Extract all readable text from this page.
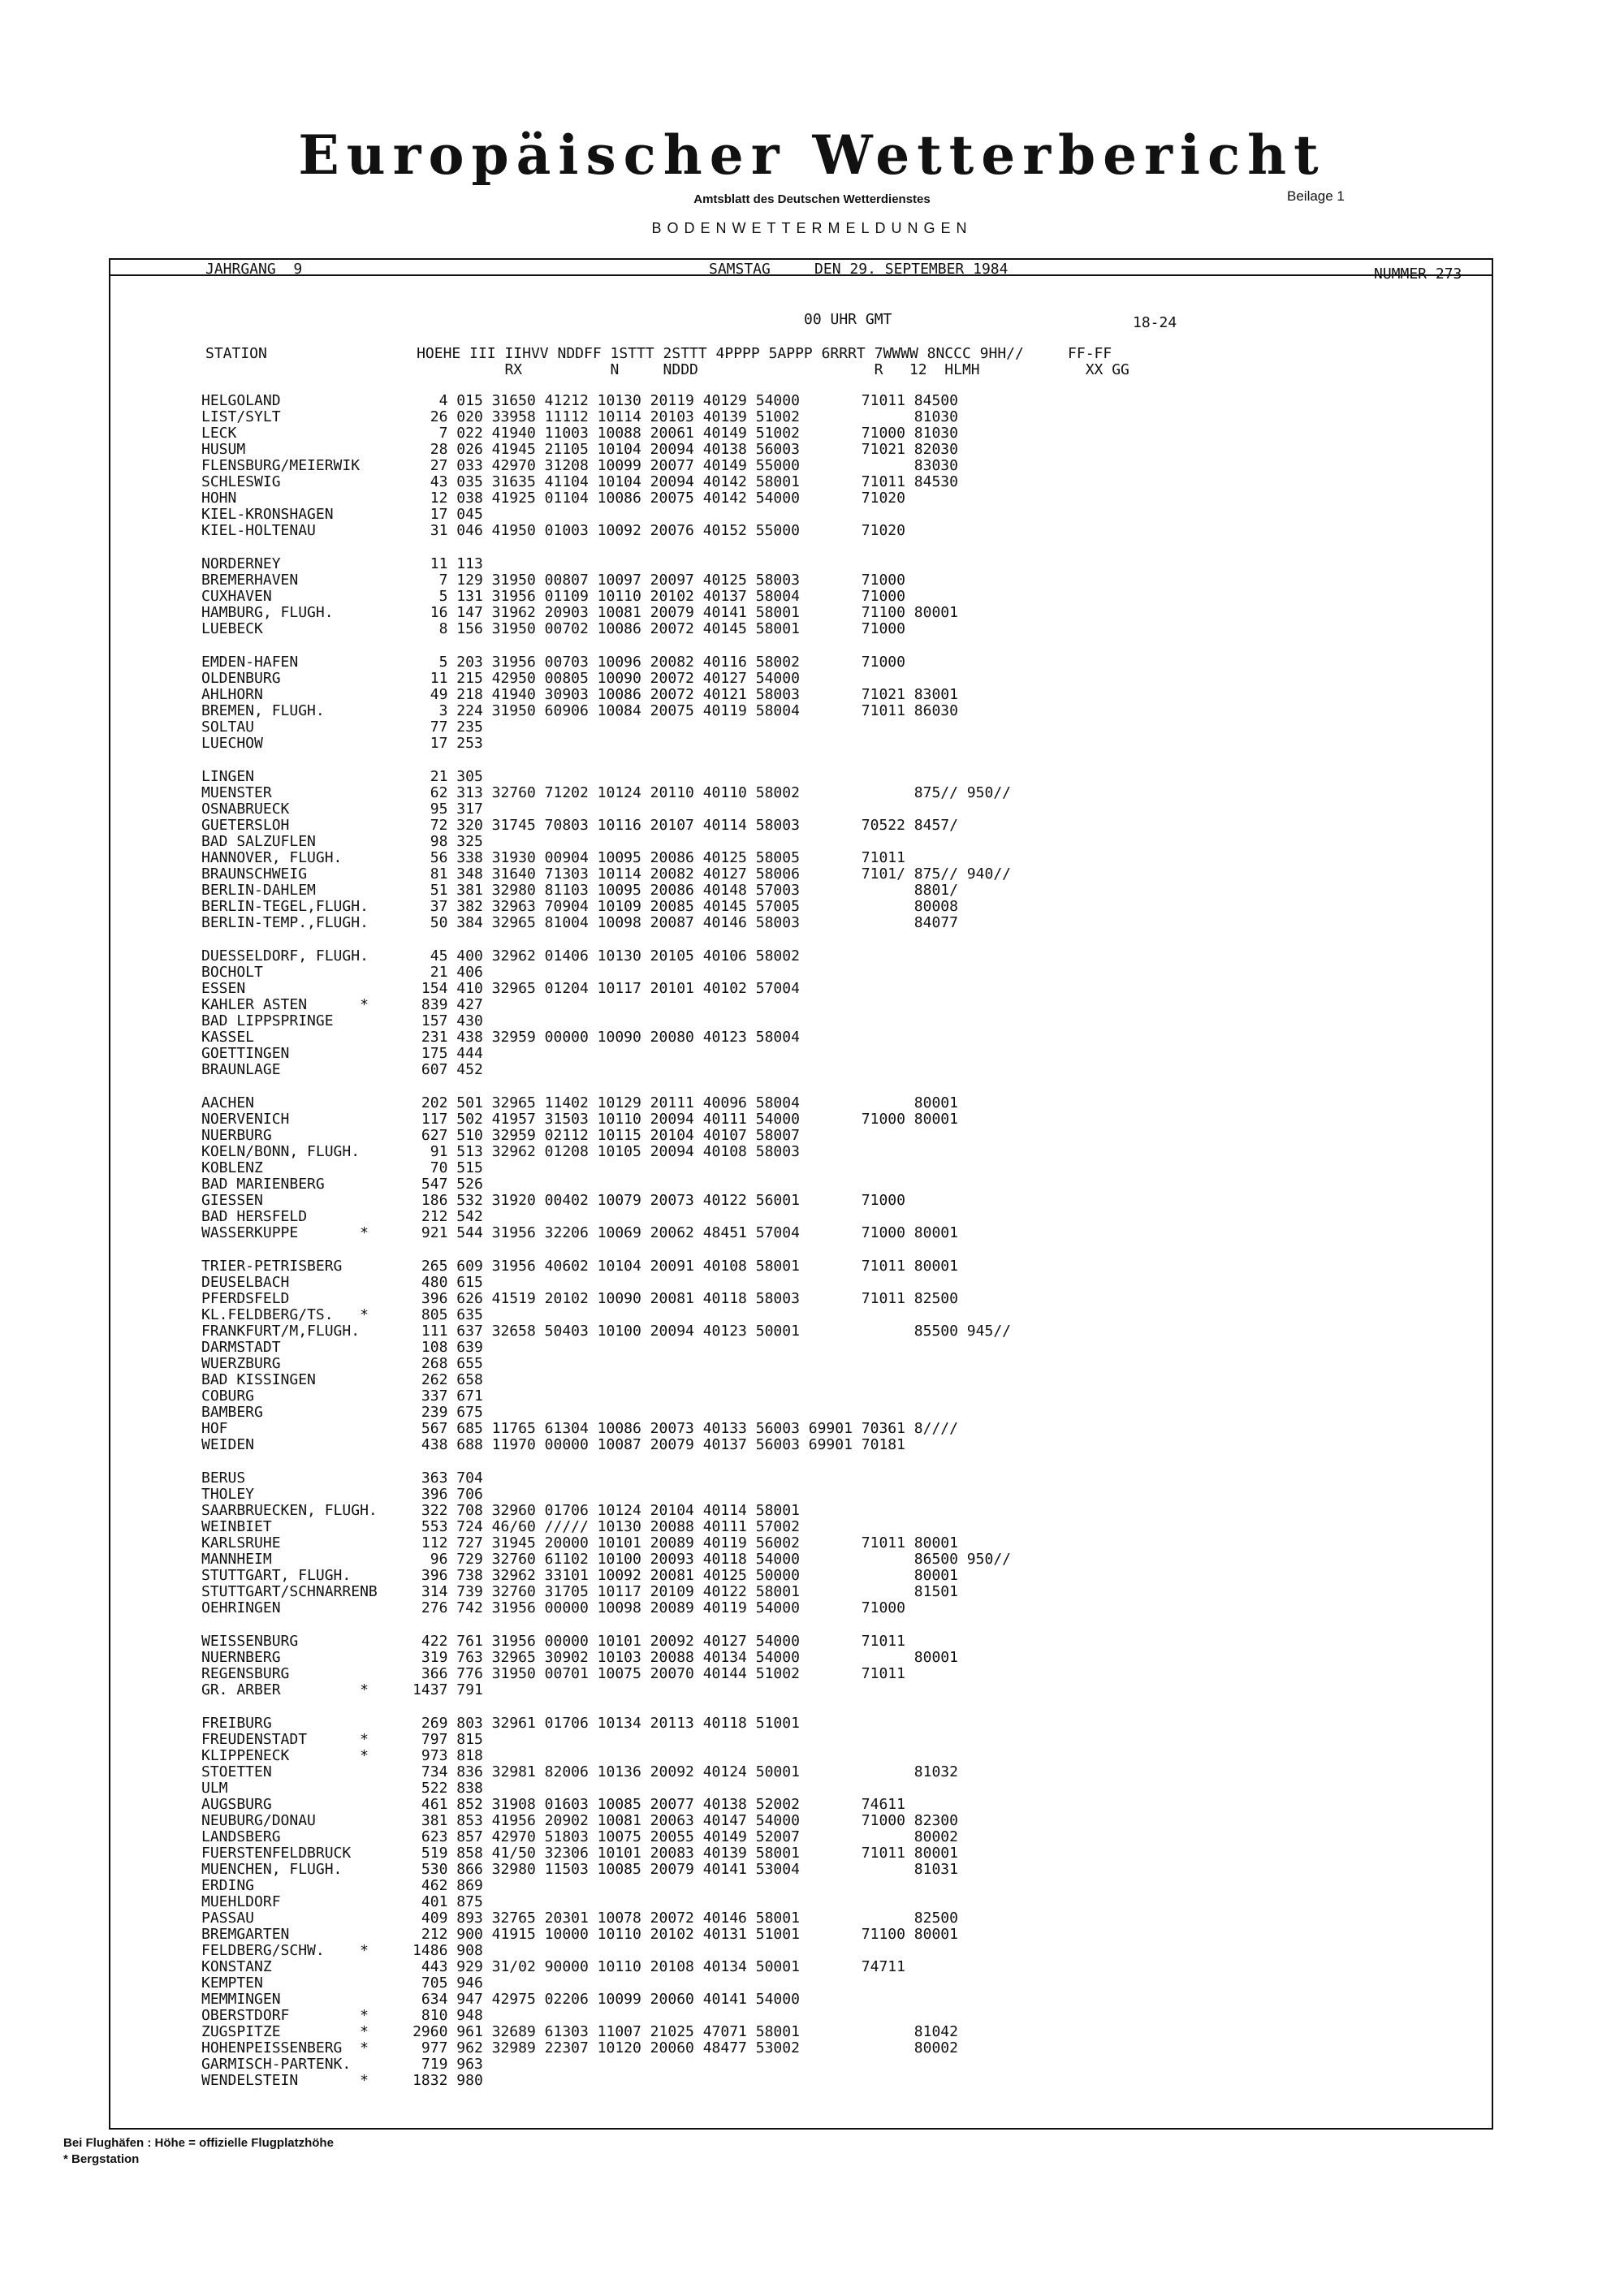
Europäischer Wetterbericht
Amtsblatt des Deutschen Wetterdienstes	Beilage 1
BODENWETTERMELDUNGEN
JAHRGANG  9	SAMSTAG     DEN 29. SEPTEMBER 1984	NUMMER 273
00 UHR GMT	18-24
STATION                 HOEHE III IIHVV NDDFF 1STTT 2STTT 4PPPP 5APPP 6RRRT 7WWWW 8NCCC 9HH//     FF-FF
RX          N     NDDD                    R   12  HLMH            XX GG
HELGOLAND                  4 015 31650 41212 10130 20119 40129 54000       71011 84500
LIST/SYLT                 26 020 33958 11112 10114 20103 40139 51002             81030
LECK                       7 022 41940 11003 10088 20061 40149 51002       71000 81030
HUSUM                     28 026 41945 21105 10104 20094 40138 56003       71021 82030
FLENSBURG/MEIERWIK        27 033 42970 31208 10099 20077 40149 55000             83030
SCHLESWIG                 43 035 31635 41104 10104 20094 40142 58001       71011 84530
HOHN                      12 038 41925 01104 10086 20075 40142 54000       71020
KIEL-KRONSHAGEN           17 045
KIEL-HOLTENAU             31 046 41950 01003 10092 20076 40152 55000       71020
NORDERNEY                 11 113
BREMERHAVEN                7 129 31950 00807 10097 20097 40125 58003       71000
CUXHAVEN                   5 131 31956 01109 10110 20102 40137 58004       71000
HAMBURG, FLUGH.           16 147 31962 20903 10081 20079 40141 58001       71100 80001
LUEBECK                    8 156 31950 00702 10086 20072 40145 58001       71000
EMDEN-HAFEN                5 203 31956 00703 10096 20082 40116 58002       71000
OLDENBURG                 11 215 42950 00805 10090 20072 40127 54000
AHLHORN                   49 218 41940 30903 10086 20072 40121 58003       71021 83001
BREMEN, FLUGH.             3 224 31950 60906 10084 20075 40119 58004       71011 86030
SOLTAU                    77 235
LUECHOW                   17 253
LINGEN                    21 305
MUENSTER                  62 313 32760 71202 10124 20110 40110 58002             875// 950//
OSNABRUECK                95 317
GUETERSLOH                72 320 31745 70803 10116 20107 40114 58003       70522 8457/
BAD SALZUFLEN             98 325
HANNOVER, FLUGH.          56 338 31930 00904 10095 20086 40125 58005       71011
BRAUNSCHWEIG              81 348 31640 71303 10114 20082 40127 58006       7101/ 875// 940//
BERLIN-DAHLEM             51 381 32980 81103 10095 20086 40148 57003             8801/
BERLIN-TEGEL,FLUGH.       37 382 32963 70904 10109 20085 40145 57005             80008
BERLIN-TEMP.,FLUGH.       50 384 32965 81004 10098 20087 40146 58003             84077
DUESSELDORF, FLUGH.       45 400 32962 01406 10130 20105 40106 58002
BOCHOLT                   21 406
ESSEN                    154 410 32965 01204 10117 20101 40102 57004
KAHLER ASTEN      *      839 427
BAD LIPPSPRINGE          157 430
KASSEL                   231 438 32959 00000 10090 20080 40123 58004
GOETTINGEN               175 444
BRAUNLAGE                607 452
AACHEN                   202 501 32965 11402 10129 20111 40096 58004             80001
NOERVENICH               117 502 41957 31503 10110 20094 40111 54000       71000 80001
NUERBURG                 627 510 32959 02112 10115 20104 40107 58007
KOELN/BONN, FLUGH.        91 513 32962 01208 10105 20094 40108 58003
KOBLENZ                   70 515
BAD MARIENBERG           547 526
GIESSEN                  186 532 31920 00402 10079 20073 40122 56001       71000
BAD HERSFELD             212 542
WASSERKUPPE       *      921 544 31956 32206 10069 20062 48451 57004       71000 80001
TRIER-PETRISBERG         265 609 31956 40602 10104 20091 40108 58001       71011 80001
DEUSELBACH               480 615
PFERDSFELD               396 626 41519 20102 10090 20081 40118 58003       71011 82500
KL.FELDBERG/TS.   *      805 635
FRANKFURT/M,FLUGH.       111 637 32658 50403 10100 20094 40123 50001             85500 945//
DARMSTADT                108 639
WUERZBURG                268 655
BAD KISSINGEN            262 658
COBURG                   337 671
BAMBERG                  239 675
HOF                      567 685 11765 61304 10086 20073 40133 56003 69901 70361 8////
WEIDEN                   438 688 11970 00000 10087 20079 40137 56003 69901 70181
BERUS                    363 704
THOLEY                   396 706
SAARBRUECKEN, FLUGH.     322 708 32960 01706 10124 20104 40114 58001
WEINBIET                 553 724 46/60 ///// 10130 20088 40111 57002
KARLSRUHE                112 727 31945 20000 10101 20089 40119 56002       71011 80001
MANNHEIM                  96 729 32760 61102 10100 20093 40118 54000             86500 950//
STUTTGART, FLUGH.        396 738 32962 33101 10092 20081 40125 50000             80001
STUTTGART/SCHNARRENB     314 739 32760 31705 10117 20109 40122 58001             81501
OEHRINGEN                276 742 31956 00000 10098 20089 40119 54000       71000
WEISSENBURG              422 761 31956 00000 10101 20092 40127 54000       71011
NUERNBERG                319 763 32965 30902 10103 20088 40134 54000             80001
REGENSBURG               366 776 31950 00701 10075 20070 40144 51002       71011
GR. ARBER         *     1437 791
FREIBURG                 269 803 32961 01706 10134 20113 40118 51001
FREUDENSTADT      *      797 815
KLIPPENECK        *      973 818
STOETTEN                 734 836 32981 82006 10136 20092 40124 50001             81032
ULM                      522 838
AUGSBURG                 461 852 31908 01603 10085 20077 40138 52002       74611
NEUBURG/DONAU            381 853 41956 20902 10081 20063 40147 54000       71000 82300
LANDSBERG                623 857 42970 51803 10075 20055 40149 52007             80002
FUERSTENFELDBRUCK        519 858 41/50 32306 10101 20083 40139 58001       71011 80001
MUENCHEN, FLUGH.         530 866 32980 11503 10085 20079 40141 53004             81031
ERDING                   462 869
MUEHLDORF                401 875
PASSAU                   409 893 32765 20301 10078 20072 40146 58001             82500
BREMGARTEN               212 900 41915 10000 10110 20102 40131 51001       71100 80001
FELDBERG/SCHW.    *     1486 908
KONSTANZ                 443 929 31/02 90000 10110 20108 40134 50001       74711
KEMPTEN                  705 946
MEMMINGEN                634 947 42975 02206 10099 20060 40141 54000
OBERSTDORF        *      810 948
ZUGSPITZE         *     2960 961 32689 61303 11007 21025 47071 58001             81042
HOHENPEISSENBERG  *      977 962 32989 22307 10120 20060 48477 53002             80002
GARMISCH-PARTENK.        719 963
WENDELSTEIN       *     1832 980
Bei Flughäfen : Höhe = offizielle Flugplatzhöhe
* Bergstation
